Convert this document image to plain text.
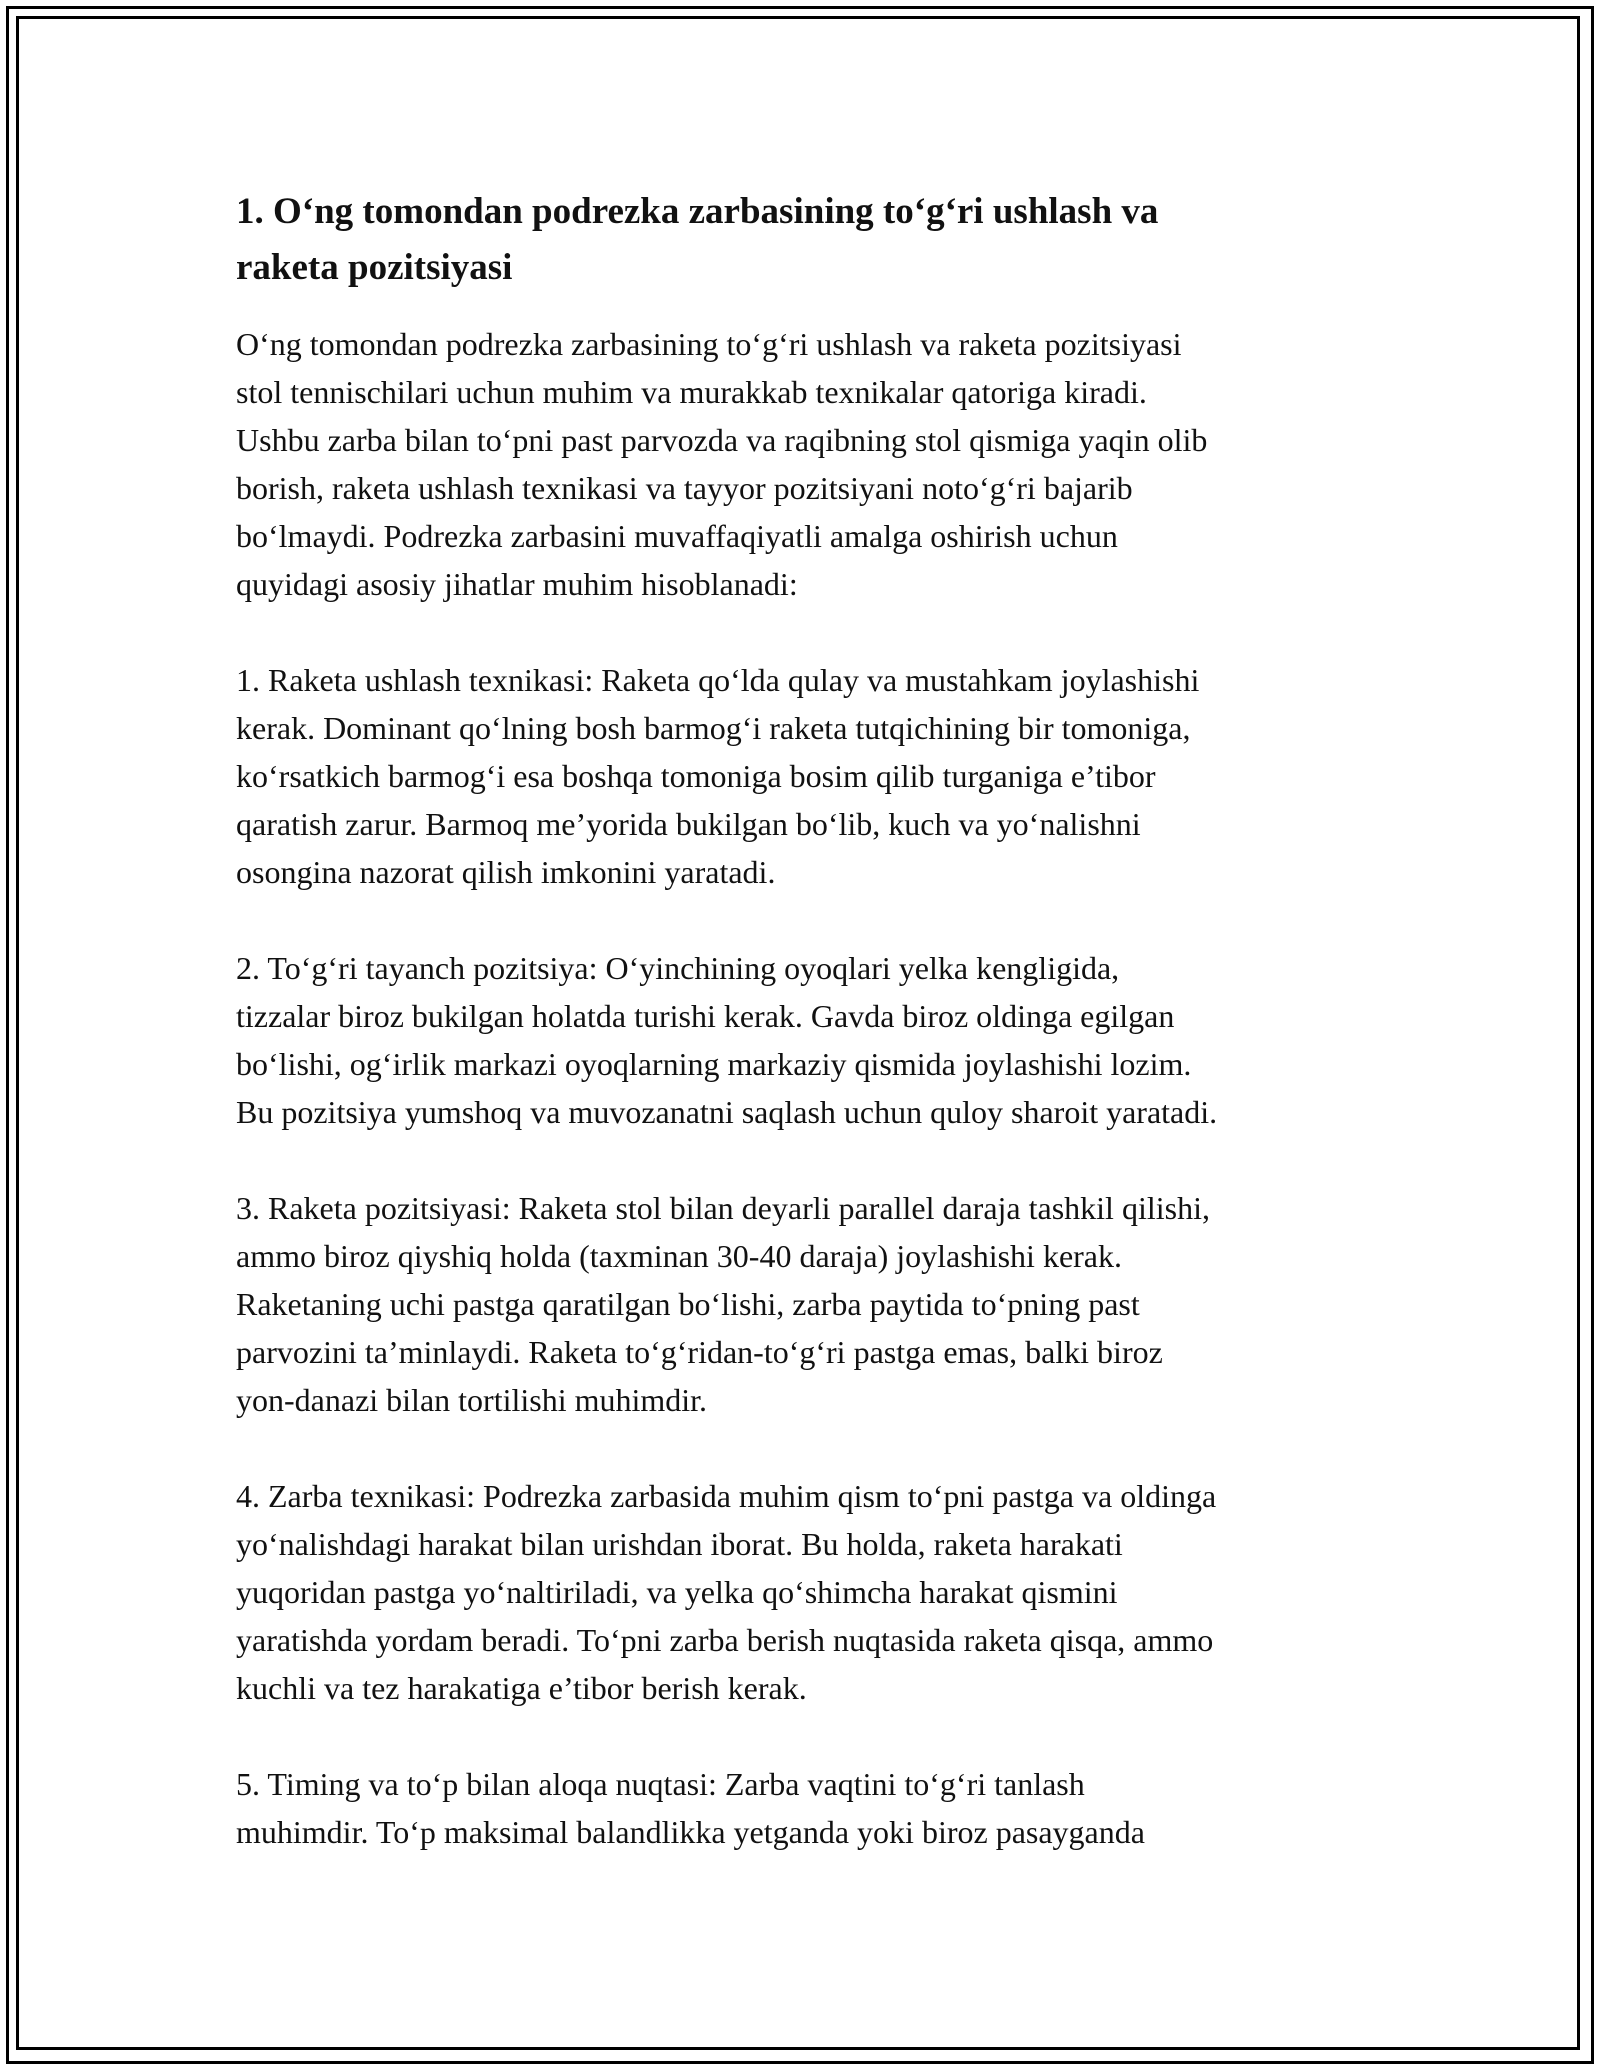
1. O‘ng tomondan podrezka zarbasining to‘g‘ri ushlash va
raketa pozitsiyasi

O‘ng tomondan podrezka zarbasining to‘g‘ri ushlash va raketa pozitsiyasi
stol tennischilari uchun muhim va murakkab texnikalar qatoriga kiradi.
Ushbu zarba bilan to‘pni past parvozda va raqibning stol qismiga yaqin olib
borish, raketa ushlash texnikasi va tayyor pozitsiyani noto‘g‘ri bajarib
bo‘lmaydi. Podrezka zarbasini muvaffaqiyatli amalga oshirish uchun
quyidagi asosiy jihatlar muhim hisoblanadi:

1. Raketa ushlash texnikasi: Raketa qo‘lda qulay va mustahkam joylashishi
kerak. Dominant qo‘lning bosh barmog‘i raketa tutqichining bir tomoniga,
ko‘rsatkich barmog‘i esa boshqa tomoniga bosim qilib turganiga e’tibor
qaratish zarur. Barmoq me’yorida bukilgan bo‘lib, kuch va yo‘nalishni
osongina nazorat qilish imkonini yaratadi.

2. To‘g‘ri tayanch pozitsiya: O‘yinchining oyoqlari yelka kengligida,
tizzalar biroz bukilgan holatda turishi kerak. Gavda biroz oldinga egilgan
bo‘lishi, og‘irlik markazi oyoqlarning markaziy qismida joylashishi lozim.
Bu pozitsiya yumshoq va muvozanatni saqlash uchun quloy sharoit yaratadi.

3. Raketa pozitsiyasi: Raketa stol bilan deyarli parallel daraja tashkil qilishi,
ammo biroz qiyshiq holda (taxminan 30-40 daraja) joylashishi kerak.
Raketaning uchi pastga qaratilgan bo‘lishi, zarba paytida to‘pning past
parvozini ta’minlaydi. Raketa to‘g‘ridan-to‘g‘ri pastga emas, balki biroz
yon-danazi bilan tortilishi muhimdir.

4. Zarba texnikasi: Podrezka zarbasida muhim qism to‘pni pastga va oldinga
yo‘nalishdagi harakat bilan urishdan iborat. Bu holda, raketa harakati
yuqoridan pastga yo‘naltiriladi, va yelka qo‘shimcha harakat qismini
yaratishda yordam beradi. To‘pni zarba berish nuqtasida raketa qisqa, ammo
kuchli va tez harakatiga e’tibor berish kerak.

5. Timing va to‘p bilan aloqa nuqtasi: Zarba vaqtini to‘g‘ri tanlash
muhimdir. To‘p maksimal balandlikka yetganda yoki biroz pasayganda
